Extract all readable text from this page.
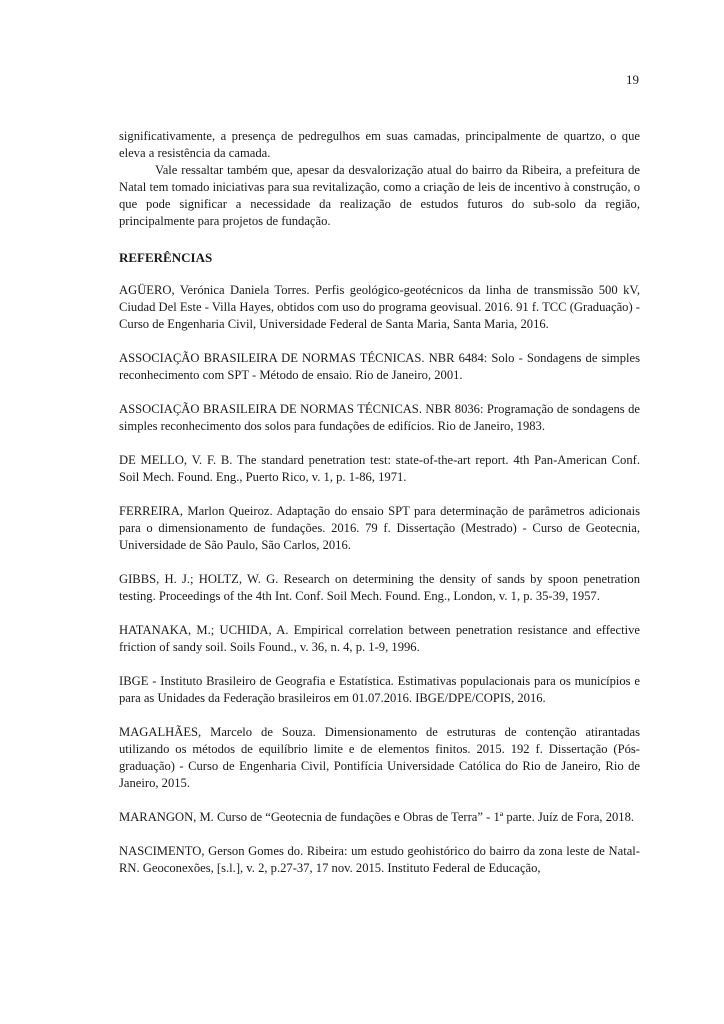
19

significativamente, a presença de pedregulhos em suas camadas, principalmente de quartzo, o que eleva a resistência da camada.

Vale ressaltar também que, apesar da desvalorização atual do bairro da Ribeira, a prefeitura de Natal tem tomado iniciativas para sua revitalização, como a criação de leis de incentivo à construção, o que pode significar a necessidade da realização de estudos futuros do sub-solo da região, principalmente para projetos de fundação.

REFERÊNCIAS

AGÜERO, Verónica Daniela Torres. Perfis geológico-geotécnicos da linha de transmissão 500 kV, Ciudad Del Este - Villa Hayes, obtidos com uso do programa geovisual. 2016. 91 f. TCC (Graduação) - Curso de Engenharia Civil, Universidade Federal de Santa Maria, Santa Maria, 2016.

ASSOCIAÇÃO BRASILEIRA DE NORMAS TÉCNICAS. NBR 6484: Solo - Sondagens de simples reconhecimento com SPT - Método de ensaio. Rio de Janeiro, 2001.

ASSOCIAÇÃO BRASILEIRA DE NORMAS TÉCNICAS. NBR 8036: Programação de sondagens de simples reconhecimento dos solos para fundações de edifícios. Rio de Janeiro, 1983.

DE MELLO, V. F. B. The standard penetration test: state-of-the-art report. 4th Pan-American Conf. Soil Mech. Found. Eng., Puerto Rico, v. 1, p. 1-86, 1971.

FERREIRA, Marlon Queiroz. Adaptação do ensaio SPT para determinação de parâmetros adicionais para o dimensionamento de fundações. 2016. 79 f. Dissertação (Mestrado) - Curso de Geotecnia, Universidade de São Paulo, São Carlos, 2016.

GIBBS, H. J.; HOLTZ, W. G. Research on determining the density of sands by spoon penetration testing. Proceedings of the 4th Int. Conf. Soil Mech. Found. Eng., London, v. 1, p. 35-39, 1957.

HATANAKA, M.; UCHIDA, A. Empirical correlation between penetration resistance and effective friction of sandy soil. Soils Found., v. 36, n. 4, p. 1-9, 1996.

IBGE - Instituto Brasileiro de Geografia e Estatística. Estimativas populacionais para os municípios e para as Unidades da Federação brasileiros em 01.07.2016. IBGE/DPE/COPIS, 2016.

MAGALHÃES, Marcelo de Souza. Dimensionamento de estruturas de contenção atirantadas utilizando os métodos de equilíbrio limite e de elementos finitos. 2015. 192 f. Dissertação (Pós-graduação) - Curso de Engenharia Civil, Pontifícia Universidade Católica do Rio de Janeiro, Rio de Janeiro, 2015.

MARANGON, M. Curso de “Geotecnia de fundações e Obras de Terra” - 1ª parte. Juíz de Fora, 2018.

NASCIMENTO, Gerson Gomes do. Ribeira: um estudo geohistórico do bairro da zona leste de Natal-RN. Geoconexões, [s.l.], v. 2, p.27-37, 17 nov. 2015. Instituto Federal de Educação,
